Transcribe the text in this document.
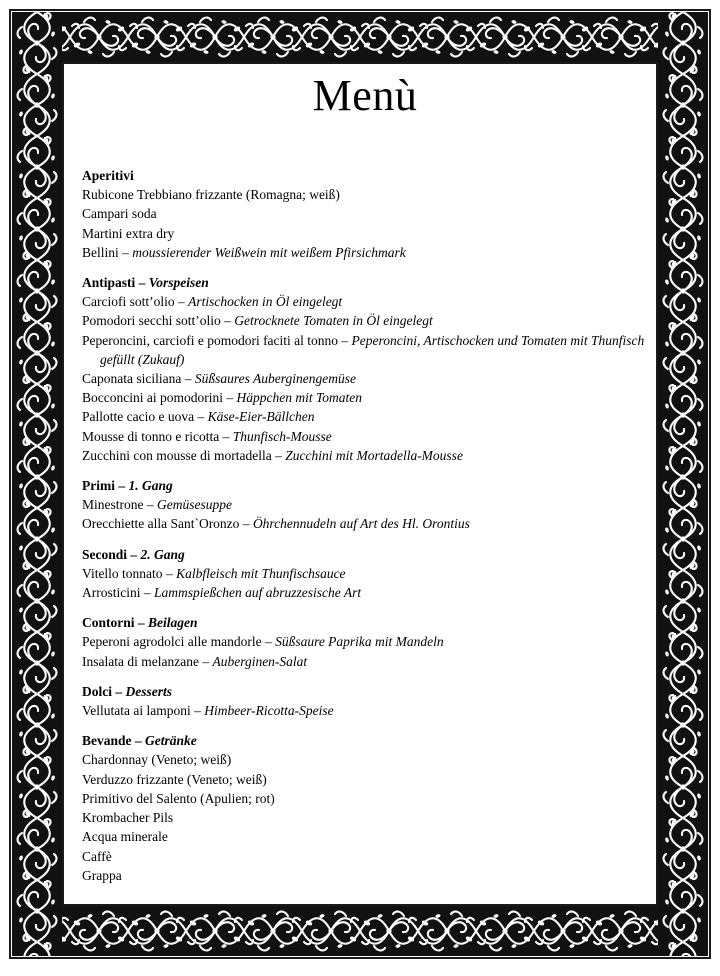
Menù
Aperitivi
Rubicone Trebbiano frizzante (Romagna; weiß)
Campari soda
Martini extra dry
Bellini – moussierender Weißwein mit weißem Pfirsichmark
Antipasti – Vorspeisen
Carciofi sott’olio – Artischocken in Öl eingelegt
Pomodori secchi sott’olio – Getrocknete Tomaten in Öl eingelegt
Peperoncini, carciofi e pomodori faciti al tonno – Peperoncini, Artischocken und Tomaten mit Thunfisch gefüllt (Zukauf)
Caponata siciliana – Süßsaures Auberginengemüse
Bocconcini ai pomodorini – Häppchen mit Tomaten
Pallotte cacio e uova – Käse-Eier-Bällchen
Mousse di tonno e ricotta – Thunfisch-Mousse
Zucchini con mousse di mortadella – Zucchini mit Mortadella-Mousse
Primi – 1. Gang
Minestrone – Gemüsesuppe
Orecchiette alla Sant`Oronzo – Öhrchennudeln auf Art des Hl. Orontius
Secondi – 2. Gang
Vitello tonnato – Kalbfleisch mit Thunfischsauce
Arrosticini – Lammspießchen auf abruzzesische Art
Contorni – Beilagen
Peperoni agrodolci alle mandorle – Süßsaure Paprika mit Mandeln
Insalata di melanzane – Auberginen-Salat
Dolci – Desserts
Vellutata ai lamponi – Himbeer-Ricotta-Speise
Bevande – Getränke
Chardonnay (Veneto; weiß)
Verduzzo frizzante (Veneto; weiß)
Primitivo del Salento (Apulien; rot)
Krombacher Pils
Acqua minerale
Caffè
Grappa
